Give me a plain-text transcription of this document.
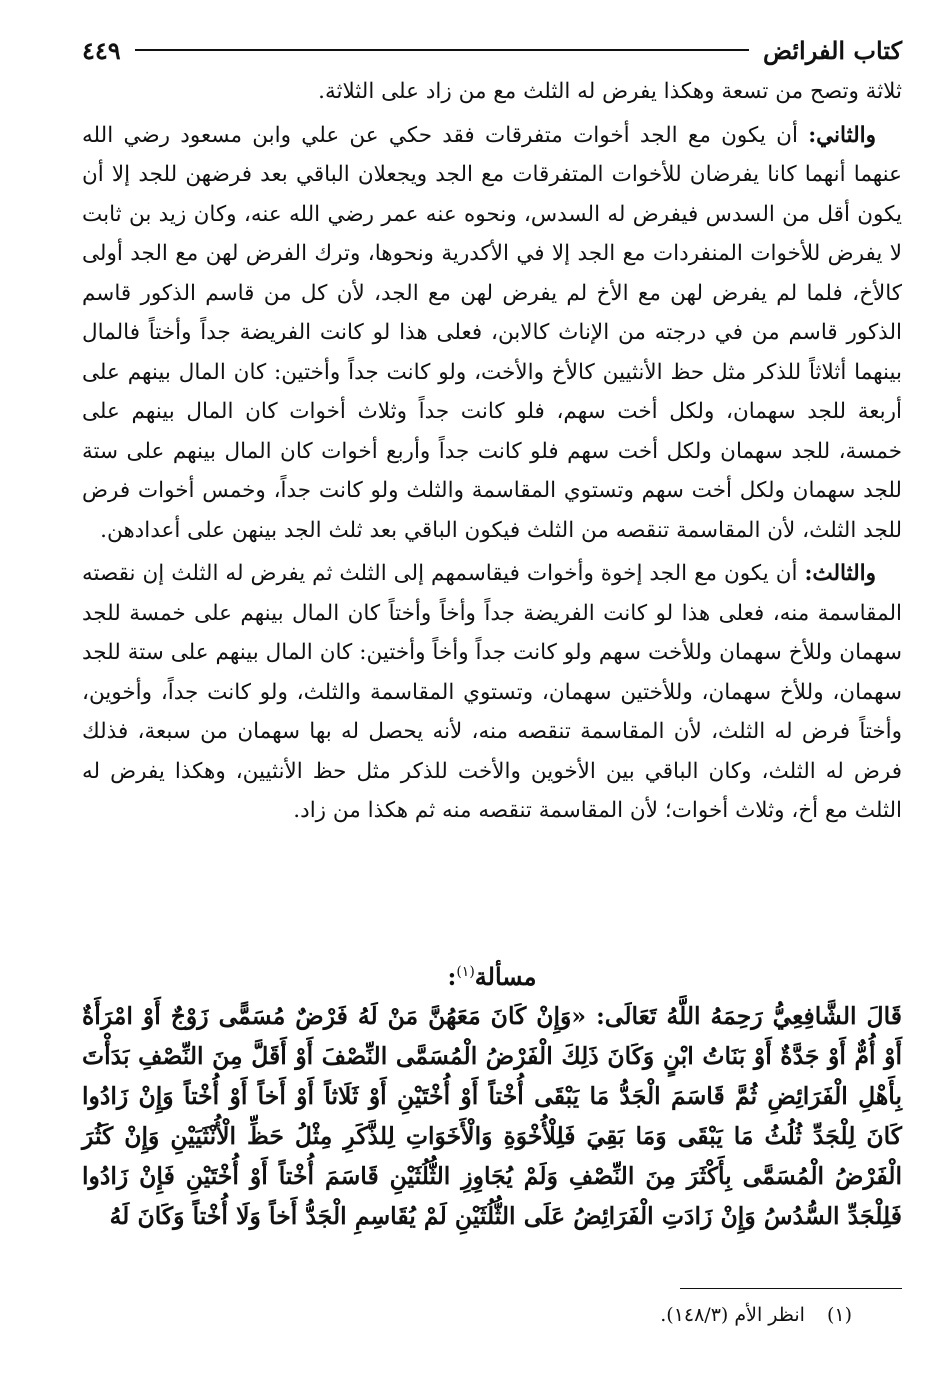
كتاب الفرائض
٤٤٩

ثلاثة وتصح من تسعة وهكذا يفرض له الثلث مع من زاد على الثلاثة.

والثاني: أن يكون مع الجد أخوات متفرقات فقد حكي عن علي وابن مسعود رضي الله عنهما أنهما كانا يفرضان للأخوات المتفرقات مع الجد ويجعلان الباقي بعد فرضهن للجد إلا أن يكون أقل من السدس فيفرض له السدس، ونحوه عنه عمر رضي الله عنه، وكان زيد بن ثابت لا يفرض للأخوات المنفردات مع الجد إلا في الأكدرية ونحوها، وترك الفرض لهن مع الجد أولى كالأخ، فلما لم يفرض لهن مع الأخ لم يفرض لهن مع الجد، لأن كل من قاسم الذكور قاسم الذكور قاسم من في درجته من الإناث كالابن، فعلى هذا لو كانت الفريضة جداً وأختاً فالمال بينهما أثلاثاً للذكر مثل حظ الأنثيين كالأخ والأخت، ولو كانت جداً وأختين: كان المال بينهم على أربعة للجد سهمان، ولكل أخت سهم، فلو كانت جداً وثلاث أخوات كان المال بينهم على خمسة، للجد سهمان ولكل أخت سهم فلو كانت جداً وأربع أخوات كان المال بينهم على ستة للجد سهمان ولكل أخت سهم وتستوي المقاسمة والثلث ولو كانت جداً، وخمس أخوات فرض للجد الثلث، لأن المقاسمة تنقصه من الثلث فيكون الباقي بعد ثلث الجد بينهن على أعدادهن.

والثالث: أن يكون مع الجد إخوة وأخوات فيقاسمهم إلى الثلث ثم يفرض له الثلث إن نقصته المقاسمة منه، فعلى هذا لو كانت الفريضة جداً وأخاً وأختاً كان المال بينهم على خمسة للجد سهمان وللأخ سهمان وللأخت سهم ولو كانت جداً وأخاً وأختين: كان المال بينهم على ستة للجد سهمان، وللأخ سهمان، وللأختين سهمان، وتستوي المقاسمة والثلث، ولو كانت جداً، وأخوين، وأختاً فرض له الثلث، لأن المقاسمة تنقصه منه، لأنه يحصل له بها سهمان من سبعة، فذلك فرض له الثلث، وكان الباقي بين الأخوين والأخت للذكر مثل حظ الأنثيين، وهكذا يفرض له الثلث مع أخ، وثلاث أخوات؛ لأن المقاسمة تنقصه منه ثم هكذا من زاد.

مسألة$^{(١)}$:
قَالَ الشَّافِعِيُّ رَحِمَهُ اللَّهُ تَعَالَى: «وَإِنْ كَانَ مَعَهُنَّ مَنْ لَهُ فَرْضٌ مُسَمًّى زَوْجٌ أَوْ امْرَأَةٌ أَوْ أُمٌّ أَوْ جَدَّةٌ أَوْ بَنَاتُ ابْنٍ وَكَانَ ذَلِكَ الْفَرْضُ الْمُسَمَّى النِّصْفَ أَوْ أَقَلَّ مِنَ النِّصْفِ بَدَأْتَ بِأَهْلِ الْفَرَائِضِ ثُمَّ قَاسَمَ الْجَدُّ مَا يَبْقَى أُخْتاً أَوْ أُخْتَيْنِ أَوْ ثَلَاثاً أَوْ أَخاً أَوْ أُخْتاً وَإِنْ زَادُوا كَانَ لِلْجَدِّ ثُلُثُ مَا يَبْقَى وَمَا بَقِيَ فَلِلْأُخْوَةِ وَالْأَخَوَاتِ لِلذَّكَرِ مِثْلُ حَظِّ الْأُنْثَيَيْنِ وَإِنْ كَثُرَ الْفَرْضُ الْمُسَمَّى بِأَكْثَرَ مِنَ النِّصْفِ وَلَمْ يُجَاوِزِ الثُّلُثَيْنِ قَاسَمَ أُخْتاً أَوْ أُخْتَيْنِ فَإِنْ زَادُوا فَلِلْجَدِّ السُّدُسُ وَإِنْ زَادَتِ الْفَرَائِضُ عَلَى الثُّلُثَيْنِ لَمْ يُقَاسِمِ الْجَدُّ أَخاً وَلَا أُخْتاً وَكَانَ لَهُ
(١)انظر الأم (١٤٨/٣).
